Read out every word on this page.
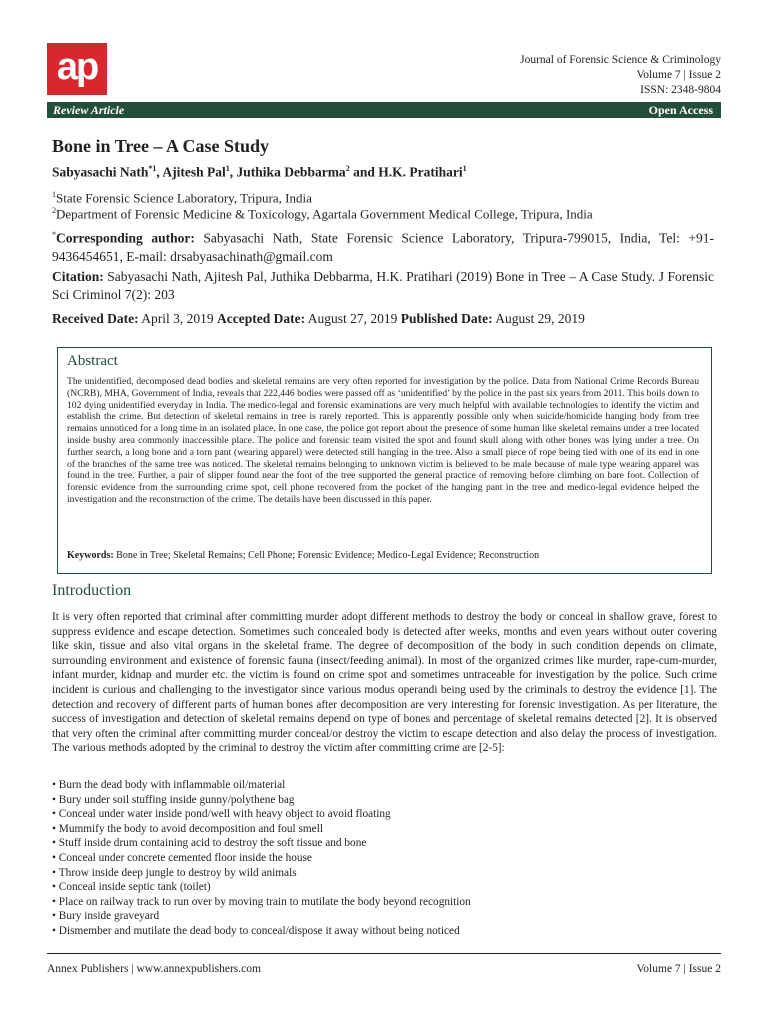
ap	Journal of Forensic Science & Criminology
Volume 7 | Issue 2
ISSN: 2348-9804
Review Article	Open Access
Bone in Tree – A Case Study
Sabyasachi Nath$^{*1}$, Ajitesh Pal$^1$, Juthika Debbarma$^2$ and H.K. Pratihari$^1$
$^1$State Forensic Science Laboratory, Tripura, India
$^2$Department of Forensic Medicine & Toxicology, Agartala Government Medical College, Tripura, India
*Corresponding author: Sabyasachi Nath, State Forensic Science Laboratory, Tripura-799015, India, Tel: +91-9436454651, E-mail: drsabyasachinath@gmail.com
Citation: Sabyasachi Nath, Ajitesh Pal, Juthika Debbarma, H.K. Pratihari (2019) Bone in Tree – A Case Study. J Forensic Sci Criminol 7(2): 203
Received Date: April 3, 2019 Accepted Date: August 27, 2019 Published Date: August 29, 2019
Abstract
The unidentified, decomposed dead bodies and skeletal remains are very often reported for investigation by the police. Data from National Crime Records Bureau (NCRB), MHA, Government of India, reveals that 222,446 bodies were passed off as ‘unidentified’ by the police in the past six years from 2011. This boils down to 102 dying unidentified everyday in India. The medico-legal and forensic examinations are very much helpful with available technologies to identify the victim and establish the crime. But detection of skeletal remains in tree is rarely reported. This is apparently possible only when suicide/homicide hanging body from tree remains unnoticed for a long time in an isolated place. In one case, the police got report about the presence of some human like skeletal remains under a tree located inside bushy area commonly inaccessible place. The police and forensic team visited the spot and found skull along with other bones was lying under a tree. On further search, a long bone and a torn pant (wearing apparel) were detected still hanging in the tree. Also a small piece of rope being tied with one of its end in one of the branches of the same tree was noticed. The skeletal remains belonging to unknown victim is believed to be male because of male type wearing apparel was found in the tree. Further, a pair of slipper found near the foot of the tree supported the general practice of removing before climbing on bare foot. Collection of forensic evidence from the surrounding crime spot, cell phone recovered from the pocket of the hanging pant in the tree and medico-legal evidence helped the investigation and the reconstruction of the crime. The details have been discussed in this paper.
Keywords: Bone in Tree; Skeletal Remains; Cell Phone; Forensic Evidence; Medico-Legal Evidence; Reconstruction
Introduction
It is very often reported that criminal after committing murder adopt different methods to destroy the body or conceal in shallow grave, forest to suppress evidence and escape detection. Sometimes such concealed body is detected after weeks, months and even years without outer covering like skin, tissue and also vital organs in the skeletal frame. The degree of decomposition of the body in such condition depends on climate, surrounding environment and existence of forensic fauna (insect/feeding animal). In most of the organized crimes like murder, rape-cum-murder, infant murder, kidnap and murder etc. the victim is found on crime spot and sometimes untraceable for investigation by the police. Such crime incident is curious and challenging to the investigator since various modus operandi being used by the criminals to destroy the evidence [1]. The detection and recovery of different parts of human bones after decomposition are very interesting for forensic investigation. As per literature, the success of investigation and detection of skeletal remains depend on type of bones and percentage of skeletal remains detected [2]. It is observed that very often the criminal after committing murder conceal/or destroy the victim to escape detection and also delay the process of investigation. The various methods adopted by the criminal to destroy the victim after committing crime are [2-5]:
• Burn the dead body with inflammable oil/material
• Bury under soil stuffing inside gunny/polythene bag
• Conceal under water inside pond/well with heavy object to avoid floating
• Mummify the body to avoid decomposition and foul smell
• Stuff inside drum containing acid to destroy the soft tissue and bone
• Conceal under concrete cemented floor inside the house
• Throw inside deep jungle to destroy by wild animals
• Conceal inside septic tank (toilet)
• Place on railway track to run over by moving train to mutilate the body beyond recognition
• Bury inside graveyard
• Dismember and mutilate the dead body to conceal/dispose it away without being noticed
Annex Publishers | www.annexpublishers.com	Volume 7 | Issue 2
